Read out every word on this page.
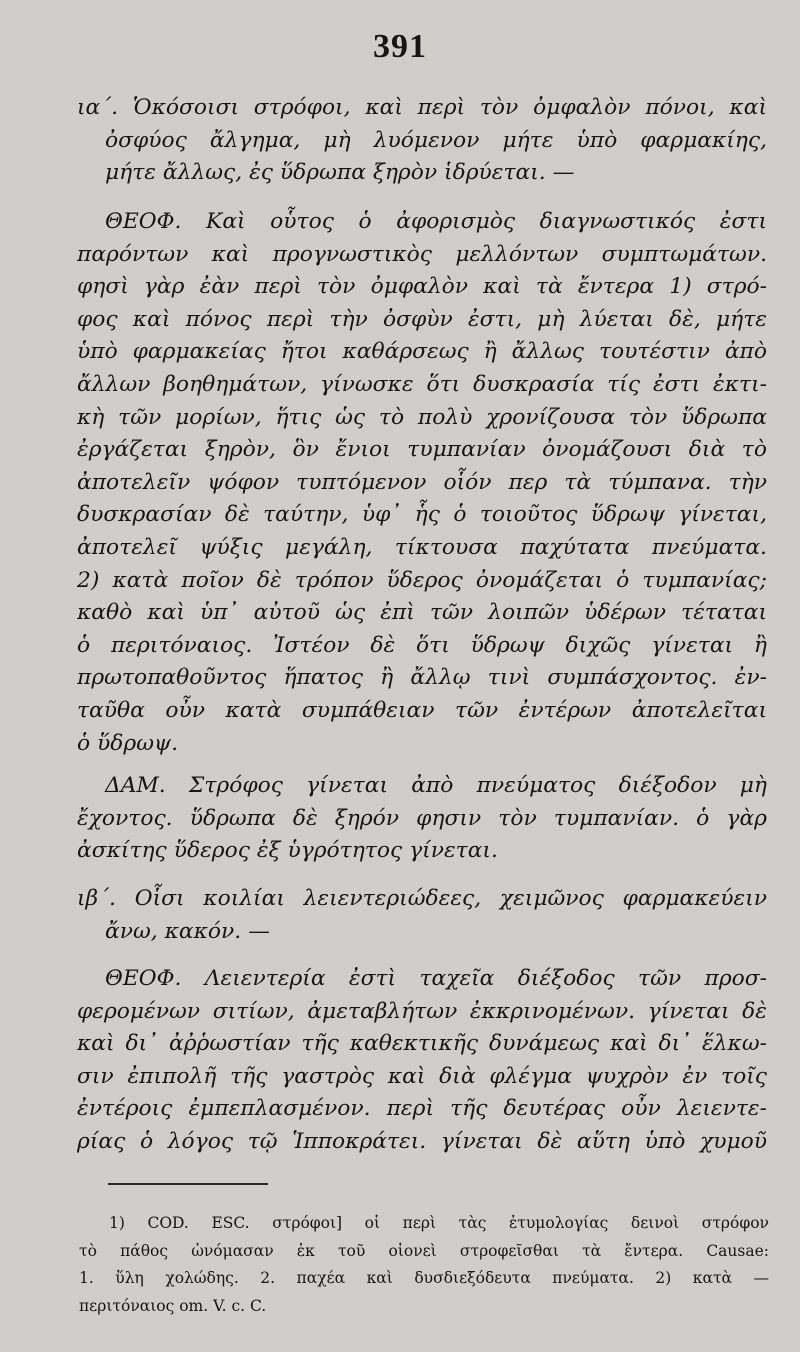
391
ια΄. Ὁκόσοισι στρόφοι, καὶ περὶ τὸν ὀμφαλὸν πόνοι, καὶ
ὀσφύος ἄλγημα, μὴ λυόμενον μήτε ὑπὸ φαρμακίης,
μήτε ἄλλως, ἐς ὕδρωπα ξηρὸν ἱδρύεται. —
ΘΕΟΦ. Καὶ οὗτος ὁ ἀφορισμὸς διαγνωστικός ἐστι
παρόντων καὶ προγνωστικὸς μελλόντων συμπτωμάτων.
φησὶ γὰρ ἐὰν περὶ τὸν ὀμφαλὸν καὶ τὰ ἔντερα 1) στρό-
φος καὶ πόνος περὶ τὴν ὀσφὺν ἐστι, μὴ λύεται δὲ, μήτε
ὑπὸ φαρμακείας ἤτοι καθάρσεως ἢ ἄλλως τουτέστιν ἀπὸ
ἄλλων βοηθημάτων, γίνωσκε ὅτι δυσκρασία τίς ἐστι ἐκτι-
κὴ τῶν μορίων, ἥτις ὡς τὸ πολὺ χρονίζουσα τὸν ὕδρωπα
ἐργάζεται ξηρὸν, ὃν ἔνιοι τυμπανίαν ὀνομάζουσι διὰ τὸ
ἀποτελεῖν ψόφον τυπτόμενον οἷόν περ τὰ τύμπανα. τὴν
δυσκρασίαν δὲ ταύτην, ὑφ᾽ ἧς ὁ τοιοῦτος ὕδρωψ γίνεται,
ἀποτελεῖ ψύξις μεγάλη, τίκτουσα παχύτατα πνεύματα.
2) κατὰ ποῖον δὲ τρόπον ὕδερος ὀνομάζεται ὁ τυμπανίας;
καθὸ καὶ ὑπ᾽ αὐτοῦ ὡς ἐπὶ τῶν λοιπῶν ὑδέρων τέταται
ὁ περιτόναιος. Ἰστέον δὲ ὅτι ὕδρωψ διχῶς γίνεται ἢ
πρωτοπαθοῦντος ἥπατος ἢ ἄλλῳ τινὶ συμπάσχοντος. ἐν-
ταῦθα οὖν κατὰ συμπάθειαν τῶν ἐντέρων ἀποτελεῖται
ὁ ὕδρωψ.
ΔΑΜ. Στρόφος γίνεται ἀπὸ πνεύματος διέξοδον μὴ
ἔχοντος. ὕδρωπα δὲ ξηρόν φησιν τὸν τυμπανίαν. ὁ γὰρ
ἀσκίτης ὕδερος ἐξ ὑγρότητος γίνεται.
ιβ΄. Οἷσι κοιλίαι λειεντεριώδεες, χειμῶνος φαρμακεύειν
ἄνω, κακόν. —
ΘΕΟΦ. Λειεντερία ἐστὶ ταχεῖα διέξοδος τῶν προσ-
φερομένων σιτίων, ἀμεταβλήτων ἐκκρινομένων. γίνεται δὲ
καὶ δι᾽ ἀῤῥωστίαν τῆς καθεκτικῆς δυνάμεως καὶ δι᾽ ἕλκω-
σιν ἐπιπολῆ τῆς γαστρὸς καὶ διὰ φλέγμα ψυχρὸν ἐν τοῖς
ἐντέροις ἐμπεπλασμένον. περὶ τῆς δευτέρας οὖν λειεντε-
ρίας ὁ λόγος τῷ Ἱπποκράτει. γίνεται δὲ αὕτη ὑπὸ χυμοῦ
1) COD. ESC. στρόφοι] οἱ περὶ τὰς ἐτυμολογίας δεινοὶ στρόφον
τὸ πάθος ὠνόμασαν ἐκ τοῦ οἱονεὶ στροφεῖσθαι τὰ ἔντερα. Causae:
1. ὕλη χολώδης. 2. παχέα καὶ δυσδιεξόδευτα πνεύματα. 2) κατὰ —
περιτόναιος om. V. c. C.
